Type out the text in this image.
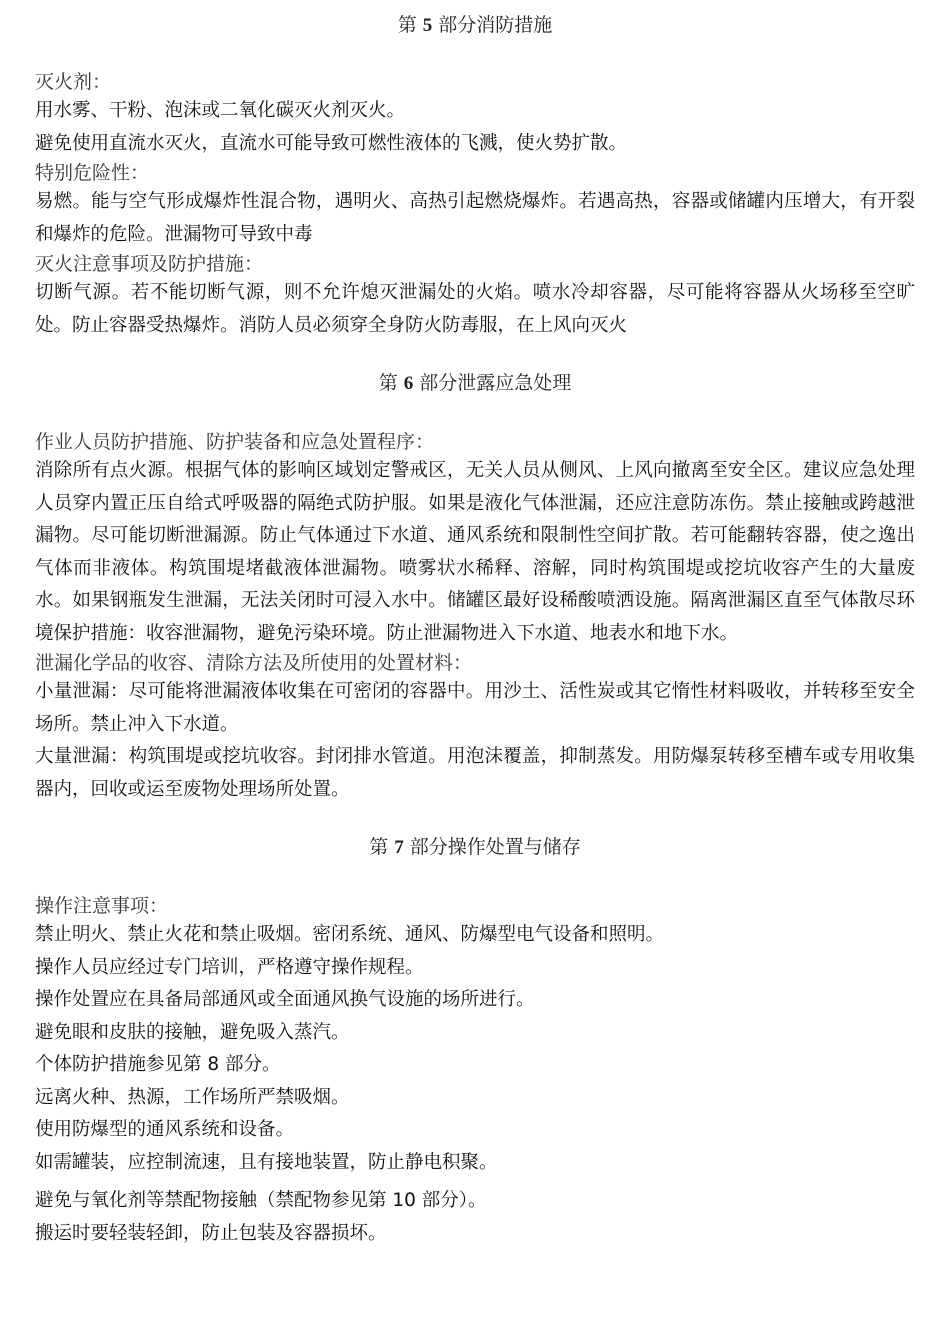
第 5 部分消防措施
灭火剂：
用水雾、干粉、泡沫或二氧化碳灭火剂灭火。
避免使用直流水灭火，直流水可能导致可燃性液体的飞溅，使火势扩散。
特别危险性：
易燃。能与空气形成爆炸性混合物，遇明火、高热引起燃烧爆炸。若遇高热，容器或储罐内压增大，有开裂和爆炸的危险。泄漏物可导致中毒
灭火注意事项及防护措施：
切断气源。若不能切断气源，则不允许熄灭泄漏处的火焰。喷水冷却容器，尽可能将容器从火场移至空旷处。防止容器受热爆炸。消防人员必须穿全身防火防毒服，在上风向灭火
第 6 部分泄露应急处理
作业人员防护措施、防护装备和应急处置程序：
消除所有点火源。根据气体的影响区域划定警戒区，无关人员从侧风、上风向撤离至安全区。建议应急处理人员穿内置正压自给式呼吸器的隔绝式防护服。如果是液化气体泄漏，还应注意防冻伤。禁止接触或跨越泄漏物。尽可能切断泄漏源。防止气体通过下水道、通风系统和限制性空间扩散。若可能翻转容器，使之逸出气体而非液体。构筑围堤堵截液体泄漏物。喷雾状水稀释、溶解，同时构筑围堤或挖坑收容产生的大量废水。如果钢瓶发生泄漏，无法关闭时可浸入水中。储罐区最好设稀酸喷洒设施。隔离泄漏区直至气体散尽环境保护措施：收容泄漏物，避免污染环境。防止泄漏物进入下水道、地表水和地下水。
泄漏化学品的收容、清除方法及所使用的处置材料：
小量泄漏：尽可能将泄漏液体收集在可密闭的容器中。用沙土、活性炭或其它惰性材料吸收，并转移至安全场所。禁止冲入下水道。
大量泄漏：构筑围堤或挖坑收容。封闭排水管道。用泡沫覆盖，抑制蒸发。用防爆泵转移至槽车或专用收集器内，回收或运至废物处理场所处置。
第 7 部分操作处置与储存
操作注意事项：
禁止明火、禁止火花和禁止吸烟。密闭系统、通风、防爆型电气设备和照明。
操作人员应经过专门培训，严格遵守操作规程。
操作处置应在具备局部通风或全面通风换气设施的场所进行。
避免眼和皮肤的接触，避免吸入蒸汽。
个体防护措施参见第 8 部分。
远离火种、热源，工作场所严禁吸烟。
使用防爆型的通风系统和设备。
如需罐装，应控制流速，且有接地装置，防止静电积聚。
避免与氧化剂等禁配物接触（禁配物参见第 10 部分）。
搬运时要轻装轻卸，防止包装及容器损坏。
